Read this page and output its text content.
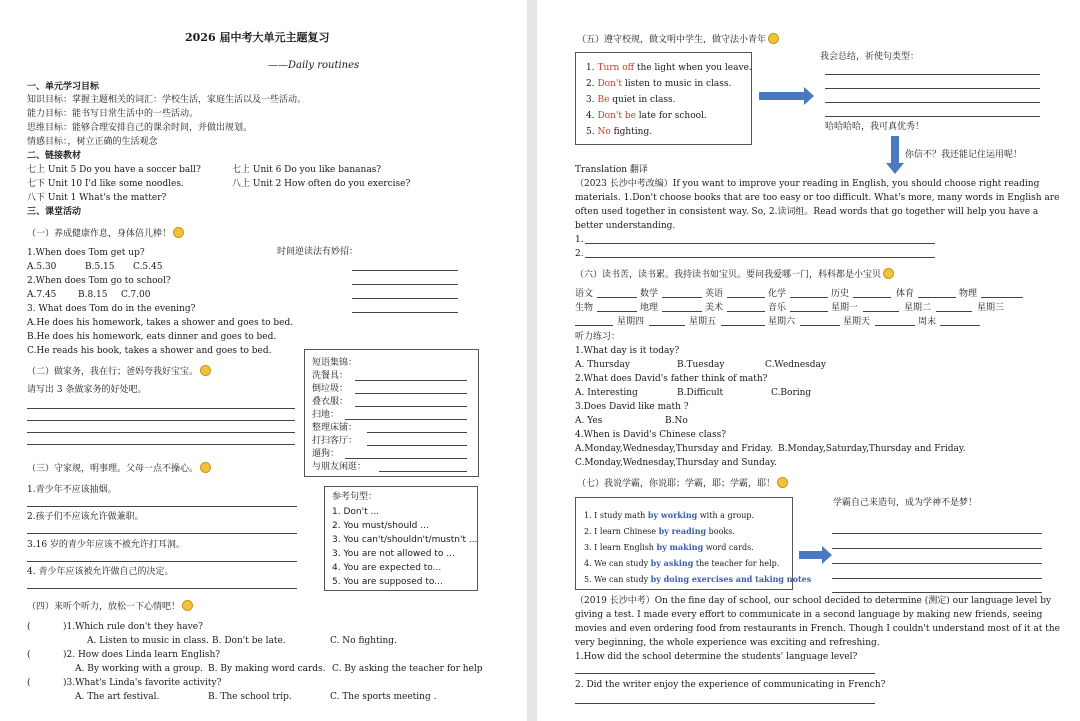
2026 届中考大单元主题复习
——Daily routines
一、单元学习目标
知识目标：掌握主题相关的词汇：学校生活，家庭生活以及一些活动。
能力目标：能书写日常生活中的一些活动。
思维目标：能够合理安排自己的课余时间，并做出规划。
情感目标：，树立正确的生活观念
二、链接教材
七上 Unit 5 Do you have a soccer ball?	七上 Unit 6 Do you like bananas?
七下 Unit 10 I'd like some noodles.	八上 Unit 2 How often do you exercise?
八下 Unit 1 What's the matter?
三、课堂活动
（一）养成健康作息，身体倍儿棒！
时间逆读法有妙招：
1.When does Tom get up?
A.5.30	B.5.15 C.5.45
2.When does Tom go to school?
A.7.45 B.8.15 C.7.00
3. What does Tom do in the evening?
A.He does his homework, takes a shower and goes to bed.
B.He does his homework, eats dinner and goes to bed.
C.He reads his book, takes a shower and goes to bed.
（二）做家务，我在行；爸妈夸我好宝宝。
请写出 3 条做家务的好处吧。
短语集锦：
洗餐具：
倒垃圾：
叠衣服：
扫地：
整理床铺：
打扫客厅：
遛狗：
与朋友闲逛：
（三）守家规，明事理。父母一点不操心。
1.青少年不应该抽烟。
2.孩子们不应该允许做兼职。
3.16 岁的青少年应该不被允许打耳洞。
4. 青少年应该被允许做自己的决定。
参考句型：
1. Don't ...
2. You must/should ...
3. You can't/shouldn't/mustn't ...
3. You are not allowed to ...
4. You are expected to...
5. You are supposed to...
（四）来听个听力，放松一下心情吧！
(	)1.Which rule don't they have?
A. Listen to music in class. B. Don't be late.	C. No fighting.
(	)2. How does Linda learn English?
A. By working with a group. B. By making word cards. C. By asking the teacher for help
(	)3.What's Linda's favorite activity?
A. The art festival.	B. The school trip.	C. The sports meeting .
（五）遵守校规，做文明中学生，做守法小青年
1. Turn off the light when you leave.
2. Don't listen to music in class.
3. Be quiet in class.
4. Don't be late for school.
5. No fighting.
我会总结，祈使句类型：
哈哈哈哈，我可真优秀！
你信不？我还能记住运用呢！
Translation 翻译
（2023 长沙中考改编）If you want to improve your reading in English, you should choose right reading
materials. 1.Don't choose books that are too easy or too difficult. What's more, many words in English are
often used together in consistent way. So, 2.读词组。Read words that go together will help you have a
better understanding.
1.
2.
（六）读书苦，读书累。我持读书如宝贝。要问我爱哪一门，科科都是小宝贝
语文	数学	英语	化学	历史	体育	物理
生物	地理	美术	音乐	星期一	星期二	星期三
星期四	星期五	星期六	星期天	周末
听力练习：
1.What day is it today?
A. Thursday	B.Tuesday	C.Wednesday
2.What does David's father think of math?
A. Interesting	B.Difficult	C.Boring
3.Does David like math ?
A. Yes	B.No
4.When is David's Chinese class?
A.Monday,Wednesday,Thursday and Friday. B.Monday,Saturday,Thursday and Friday.
C.Monday,Wednesday,Thursday and Sunday.
（七）我说学霸，你说耶；学霸，耶；学霸，耶！
学霸自己来造句，成为学神不是梦！
1. I study math by working with a group.
2. I learn Chinese by reading books.
3. I learn English by making word cards.
4. We can study by asking the teacher for help.
5. We can study by doing exercises and taking notes
（2019 长沙中考）On the fine day of school, our school decided to determine (测定) our language level by
giving a test. I made every effort to communicate in a second language by making new friends, seeing
movies and even ordering food from restaurants in French. Though I couldn't understand most of it at the
very beginning, the whole experience was exciting and refreshing.
1.How did the school determine the students' language level?
2. Did the writer enjoy the experience of communicating in French?
